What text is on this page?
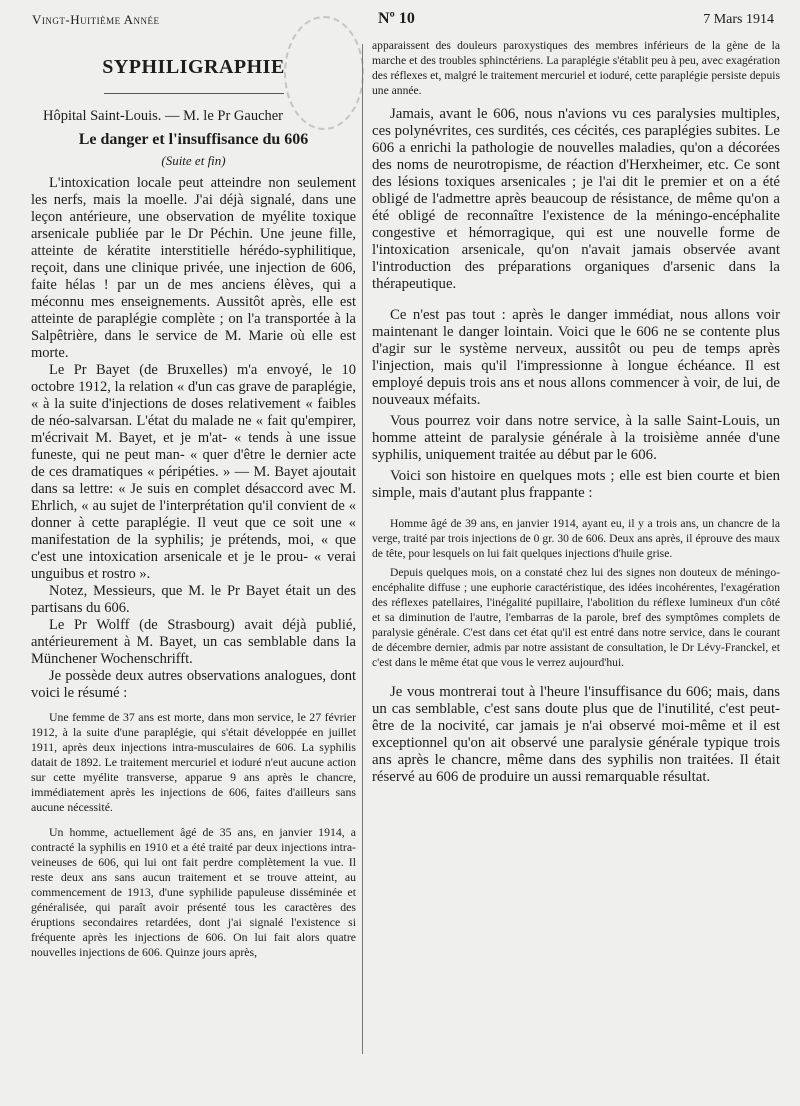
Vingt-Huitième Année	Nº 10	7 Mars 1914
SYPHILIGRAPHIE

Hôpital Saint-Louis. — M. le Pr Gaucher

Le danger et l'insuffisance du 606

(Suite et fin)

L'intoxication locale peut atteindre non seulement les nerfs, mais la moelle. J'ai déjà signalé, dans une leçon antérieure, une observation de myélite toxique arsenicale publiée par le Dr Péchin. Une jeune fille, atteinte de kératite interstitielle hérédo-syphilitique, reçoit, dans une clinique privée, une injection de 606, faite hélas ! par un de mes anciens élèves, qui a méconnu mes enseignements. Aussitôt après, elle est atteinte de paraplégie complète ; on l'a transportée à la Salpêtrière, dans le service de M. Marie où elle est morte.

Le Pr Bayet (de Bruxelles) m'a envoyé, le 10 octobre 1912, la relation « d'un cas grave de paraplégie, « à la suite d'injections de doses relativement « faibles de néo-salvarsan. L'état du malade ne « fait qu'empirer, m'écrivait M. Bayet, et je m'at- « tends à une issue funeste, qui ne peut man- « quer d'être le dernier acte de ces dramatiques « péripéties. » — M. Bayet ajoutait dans sa lettre: « Je suis en complet désaccord avec M. Ehrlich, « au sujet de l'interprétation qu'il convient de « donner à cette paraplégie. Il veut que ce soit une « manifestation de la syphilis; je prétends, moi, « que c'est une intoxication arsenicale et je le prou- « verai unguibus et rostro ».

Notez, Messieurs, que M. le Pr Bayet était un des partisans du 606.

Le Pr Wolff (de Strasbourg) avait déjà publié, antérieurement à M. Bayet, un cas semblable dans la Münchener Wochenschrifft.

Je possède deux autres observations analogues, dont voici le résumé :

Une femme de 37 ans est morte, dans mon service, le 27 février 1912, à la suite d'une paraplégie, qui s'était développée en juillet 1911, après deux injections intra-musculaires de 606. La syphilis datait de 1892. Le traitement mercuriel et ioduré n'eut aucune action sur cette myélite transverse, apparue 9 ans après le chancre, immédiatement après les injections de 606, faites d'ailleurs sans aucune nécessité.

Un homme, actuellement âgé de 35 ans, en janvier 1914, a contracté la syphilis en 1910 et a été traité par deux injections intra-veineuses de 606, qui lui ont fait perdre complètement la vue. Il reste deux ans sans aucun traitement et se trouve atteint, au commencement de 1913, d'une syphilide papuleuse disséminée et généralisée, qui paraît avoir présenté tous les caractères des éruptions secondaires retardées, dont j'ai signalé l'existence si fréquente après les injections de 606. On lui fait alors quatre nouvelles injections de 606. Quinze jours après,

apparaissent des douleurs paroxystiques des membres inférieurs de la gène de la marche et des troubles sphinctériens. La paraplégie s'établit peu à peu, avec exagération des réflexes et, malgré le traitement mercuriel et ioduré, cette paraplégie persiste depuis une année.

Jamais, avant le 606, nous n'avions vu ces paralysies multiples, ces polynévrites, ces surdités, ces cécités, ces paraplégies subites. Le 606 a enrichi la pathologie de nouvelles maladies, qu'on a décorées des noms de neurotropisme, de réaction d'Herxheimer, etc. Ce sont des lésions toxiques arsenicales ; je l'ai dit le premier et on a été obligé de l'admettre après beaucoup de résistance, de même qu'on a été obligé de reconnaître l'existence de la méningo-encéphalite congestive et hémorragique, qui est une nouvelle forme de l'intoxication arsenicale, qu'on n'avait jamais observée avant l'introduction des préparations organiques d'arsenic dans la thérapeutique.

Ce n'est pas tout : après le danger immédiat, nous allons voir maintenant le danger lointain. Voici que le 606 ne se contente plus d'agir sur le système nerveux, aussitôt ou peu de temps après l'injection, mais qu'il l'impressionne à longue échéance. Il est employé depuis trois ans et nous allons commencer à voir, de lui, de nouveaux méfaits.

Vous pourrez voir dans notre service, à la salle Saint-Louis, un homme atteint de paralysie générale à la troisième année d'une syphilis, uniquement traitée au début par le 606.

Voici son histoire en quelques mots ; elle est bien courte et bien simple, mais d'autant plus frappante :

Homme âgé de 39 ans, en janvier 1914, ayant eu, il y a trois ans, un chancre de la verge, traité par trois injections de 0 gr. 30 de 606. Deux ans après, il éprouve des maux de tête, pour lesquels on lui fait quelques injections d'huile grise.

Depuis quelques mois, on a constaté chez lui des signes non douteux de méningo-encéphalite diffuse ; une euphorie caractéristique, des idées incohérentes, l'exagération des réflexes patellaires, l'inégalité pupillaire, l'abolition du réflexe lumineux d'un côté et sa diminution de l'autre, l'embarras de la parole, bref des symptômes complets de paralysie générale. C'est dans cet état qu'il est entré dans notre service, dans le courant de décembre dernier, admis par notre assistant de consultation, le Dr Lévy-Franckel, et c'est dans le même état que vous le verrez aujourd'hui.

Je vous montrerai tout à l'heure l'insuffisance du 606; mais, dans un cas semblable, c'est sans doute plus que de l'inutilité, c'est peut-être de la nocivité, car jamais je n'ai observé moi-même et il est exceptionnel qu'on ait observé une paralysie générale typique trois ans après le chancre, même dans des syphilis non traitées. Il était réservé au 606 de produire un aussi remarquable résultat.
